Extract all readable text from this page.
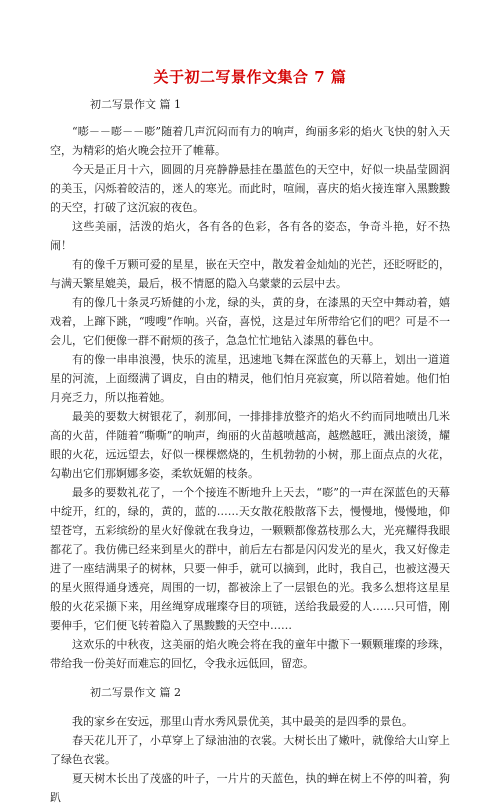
关于初二写景作文集合 7 篇

初二写景作文 篇 1

“嘭－－嘭－－嘭”随着几声沉闷而有力的响声，绚丽多彩的焰火飞快的射入天空，为精彩的焰火晚会拉开了帷幕。

今天是正月十六，圆圆的月亮静静悬挂在墨蓝色的天空中，好似一块晶莹圆润的美玉，闪烁着皎洁的，迷人的寒光。而此时，喧闹，喜庆的焰火接连窜入黑黢黢的天空，打破了这沉寂的夜色。

这些美丽，活泼的焰火，各有各的色彩，各有各的姿态，争奇斗艳，好不热闹！

有的像千万颗可爱的星星，嵌在天空中，散发着金灿灿的光芒，还眨呀眨的，与满天繁星媲美，最后，极不情愿的隐入乌蒙蒙的云层中去。

有的像几十条灵巧矫健的小龙，绿的头，黄的身，在漆黑的天空中舞动着，嬉戏着，上蹿下跳，“嗖嗖”作响。兴奋，喜悦，这是过年所带给它们的吧？可是不一会儿，它们便像一群不耐烦的孩子，急急忙忙地钻入漆黑的暮色中。

有的像一串串浪漫，快乐的流星，迅速地飞舞在深蓝色的天幕上，划出一道道星的河流，上面缀满了调皮，自由的精灵，他们怕月亮寂寞，所以陪着她。他们怕月亮乏力，所以拖着她。

最美的要数大树银花了，刹那间，一排排排放整齐的焰火不约而同地喷出几米高的火苗，伴随着“嘶嘶”的响声，绚丽的火苗越喷越高，越燃越旺，溅出滚烫，耀眼的火花，远远望去，好似一棵棵燃烧的，生机勃勃的小树，那上面点点的火花，勾勒出它们那婀娜多姿，柔软妩媚的枝条。

最多的要数礼花了，一个个接连不断地升上天去，“嘭”的一声在深蓝色的天幕中绽开，红的，绿的，黄的，蓝的……天女散花般散落下去，慢慢地，慢慢地，仰望苍穹，五彩缤纷的星火好像就在我身边，一颗颗都像荔枝那么大，光亮耀得我眼都花了。我仿佛已经来到星火的群中，前后左右都是闪闪发光的星火，我又好像走进了一座结满果子的树林，只要一伸手，就可以摘到，此时，我自己，也被这漫天的星火照得通身透亮，周围的一切，都被涂上了一层银色的光。我多么想将这星星般的火花采撷下来，用丝绳穿成璀璨夺目的项链，送给我最爱的人……只可惜，刚要伸手，它们便飞转着隐入了黑黢黢的天空中……

这欢乐的中秋夜，这美丽的焰火晚会将在我的童年中撒下一颗颗璀璨的珍珠，带给我一份美好而难忘的回忆，令我永远低回，留恋。

初二写景作文 篇 2

我的家乡在安远，那里山青水秀风景优美，其中最美的是四季的景色。

春天花儿开了，小草穿上了绿油油的衣裳。大树长出了嫩叶，就像给大山穿上了绿色衣裳。

夏天树木长出了茂盛的叶子，一片片的天蓝色，执的蝉在树上不停的叫着，狗趴
